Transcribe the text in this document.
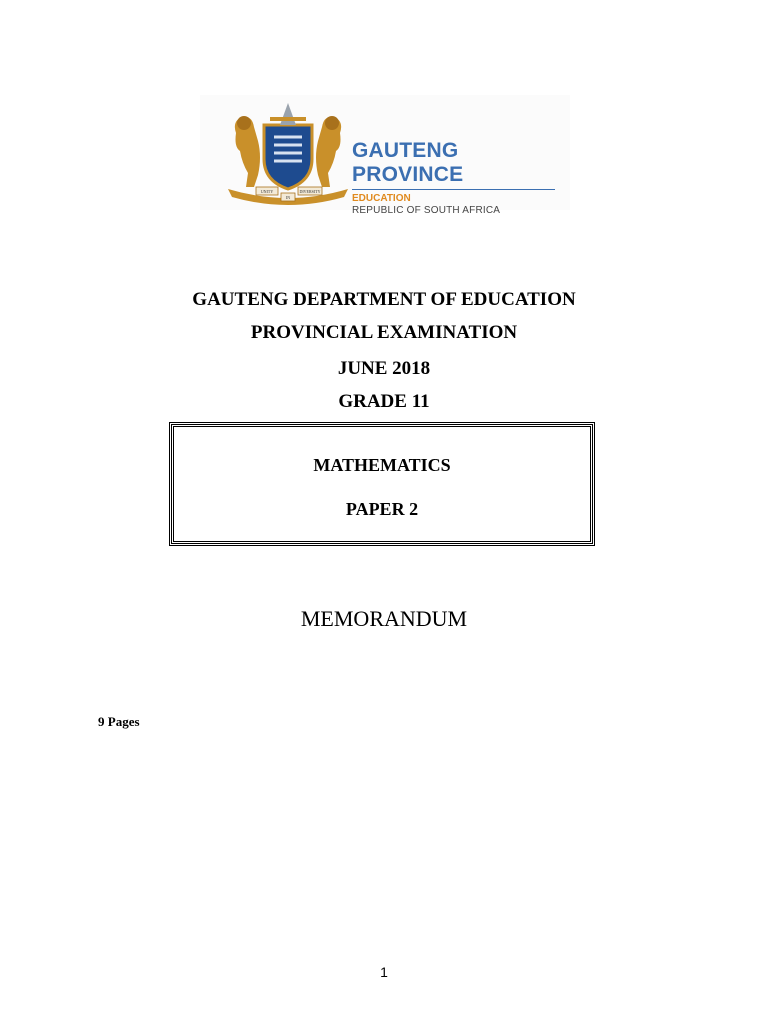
UNITY
IN
DIVERSITY
GAUTENG PROVINCE
EDUCATION
REPUBLIC OF SOUTH AFRICA
GAUTENG DEPARTMENT OF EDUCATION
PROVINCIAL EXAMINATION
JUNE 2018
GRADE 11
MATHEMATICS
PAPER 2
MEMORANDUM
9 Pages
1
